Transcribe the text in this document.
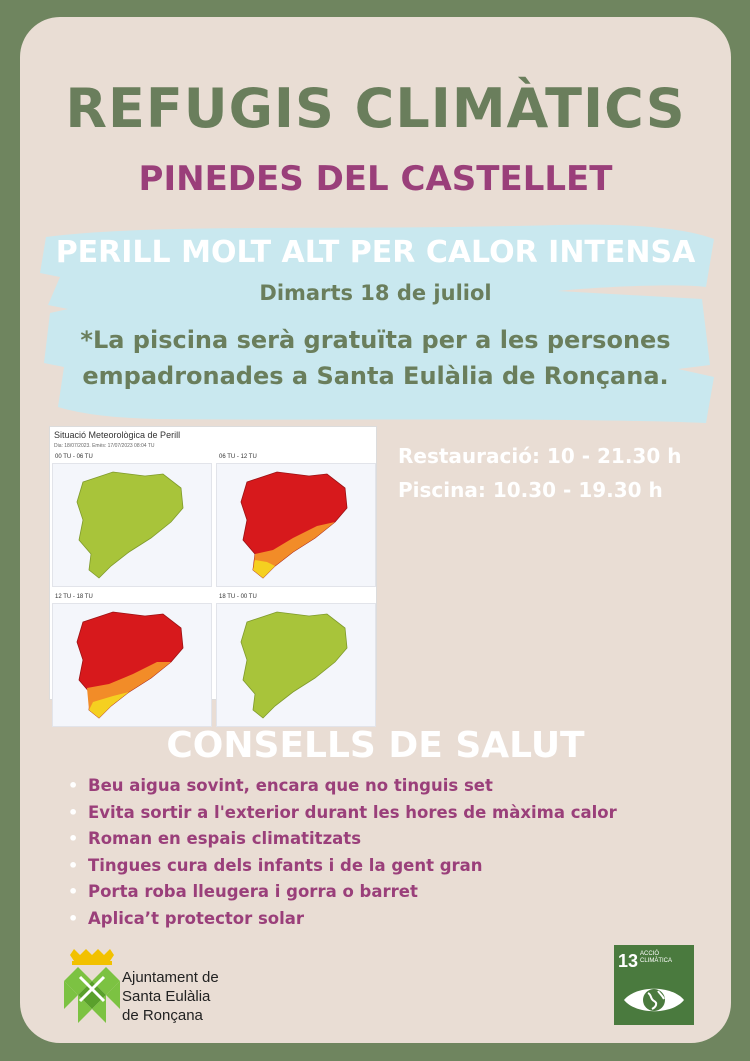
REFUGIS CLIMÀTICS
PINEDES DEL CASTELLET
PERILL MOLT ALT PER CALOR INTENSA
Dimarts 18 de juliol
*La piscina serà gratuïta per a les persones empadronades a Santa Eulàlia de Ronçana.
Situació Meteorològica de Perill
Dia: 18/07/2023. Emès: 17/07/2023 08:04 TU
00 TU - 06 TU	06 TU - 12 TU
12 TU - 18 TU	18 TU - 00 TU
Restauració: 10 - 21.30 h
Piscina: 10.30 - 19.30 h
CONSELLS DE SALUT
• Beu aigua sovint, encara que no tinguis set
• Evita sortir a l'exterior durant les hores de màxima calor
• Roman en espais climatitzats
• Tingues cura dels infants i de la gent gran
• Porta roba lleugera i gorra o barret
• Aplica’t protector solar
Ajuntament de
Santa Eulàlia
de Ronçana
13 ACCIÓ
CLIMÀTICA
